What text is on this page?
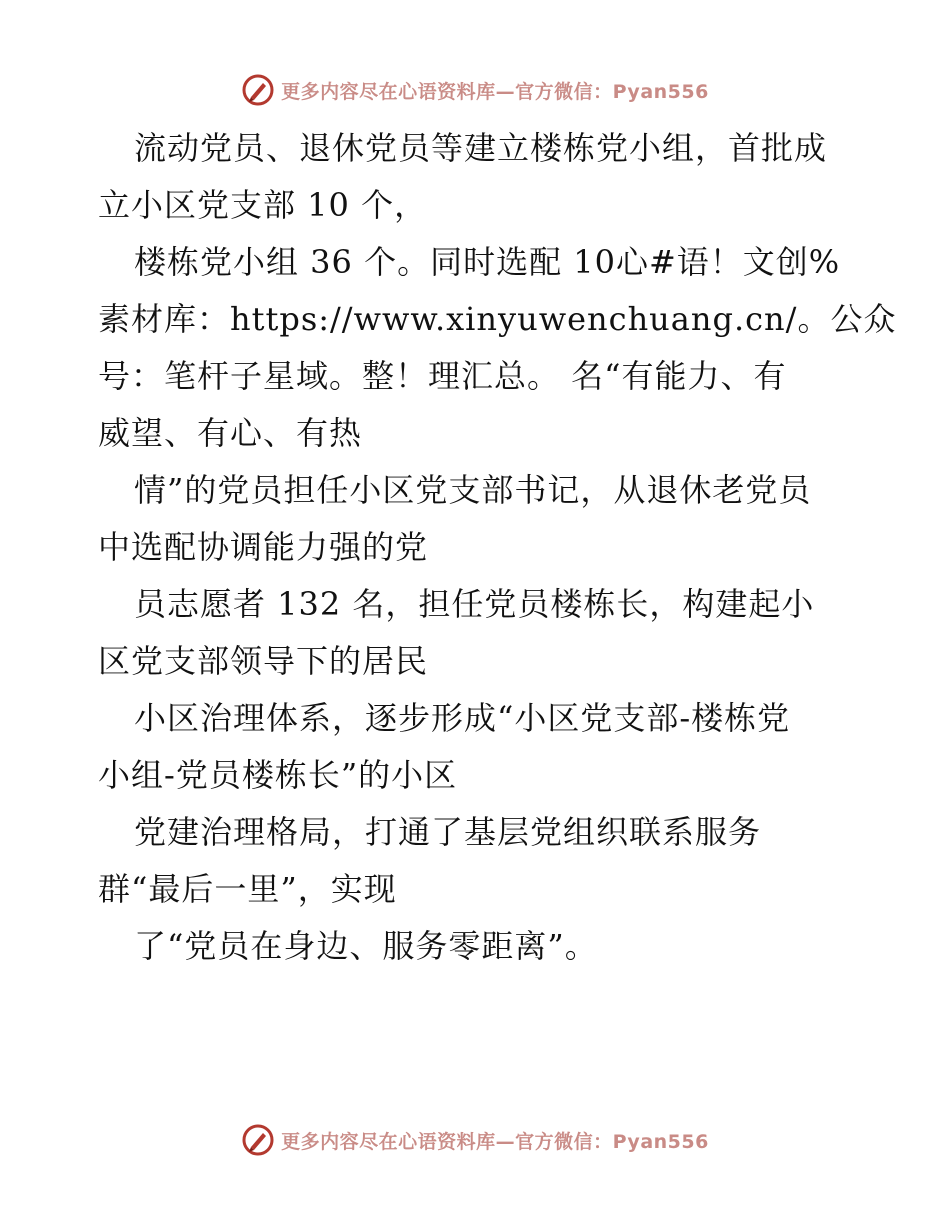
更多内容尽在心语资料库—官方微信：Pyan556
流动党员、退休党员等建立楼栋党小组，首批成
立小区党支部 10 个，
楼栋党小组 36 个。同时选配 10心#语！文创%
素材库：https://www.xinyuwenchuang.cn/。公众
号：笔杆子星域。整！理汇总。 名“有能力、有
威望、有心、有热
情”的党员担任小区党支部书记，从退休老党员
中选配协调能力强的党
员志愿者 132 名，担任党员楼栋长，构建起小
区党支部领导下的居民
小区治理体系，逐步形成“小区党支部-楼栋党
小组-党员楼栋长”的小区
党建治理格局，打通了基层党组织联系服务
群“最后一里”，实现
了“党员在身边、服务零距离”。
更多内容尽在心语资料库—官方微信：Pyan556
